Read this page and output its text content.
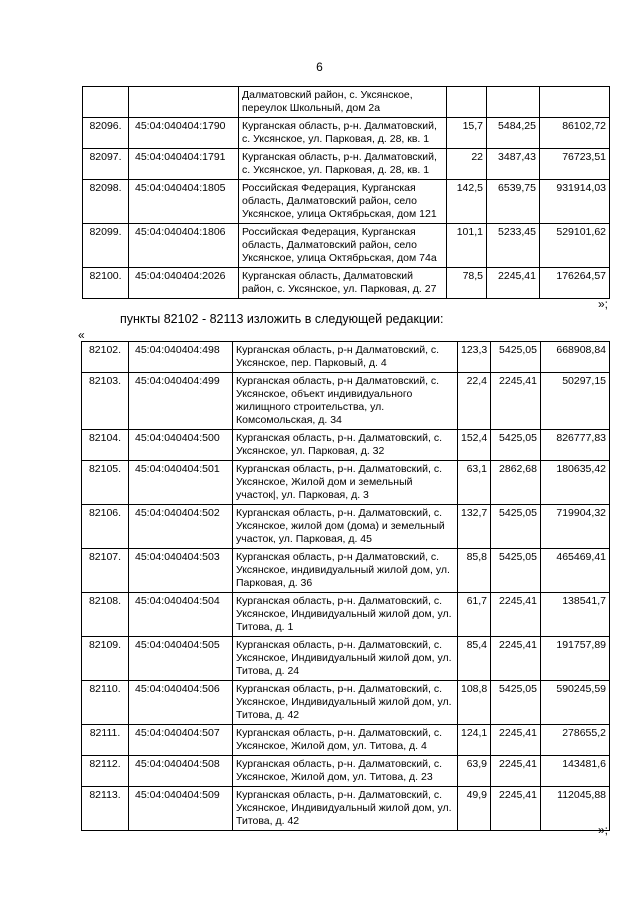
6
		Далматовский район, с. Уксянское, переулок Школьный, дом 2а			
82096.	45:04:040404:1790	Курганская область, р-н. Далматовский, с. Уксянское, ул. Парковая, д. 28, кв. 1	15,7	5484,25	86102,72
82097.	45:04:040404:1791	Курганская область, р-н. Далматовский, с. Уксянское, ул. Парковая, д. 28, кв. 1	22	3487,43	76723,51
82098.	45:04:040404:1805	Российская Федерация, Курганская область, Далматовский район, село Уксянское, улица Октябрьская, дом 121	142,5	6539,75	931914,03
82099.	45:04:040404:1806	Российская Федерация, Курганская область, Далматовский район, село Уксянское, улица Октябрьская, дом 74а	101,1	5233,45	529101,62
82100.	45:04:040404:2026	Курганская область, Далматовский район, с. Уксянское, ул. Парковая, д. 27	78,5	2245,41	176264,57
»;
пункты 82102 - 82113 изложить в следующей редакции:
«
82102.	45:04:040404:498	Курганская область, р-н Далматовский, с. Уксянское, пер. Парковый, д. 4	123,3	5425,05	668908,84
82103.	45:04:040404:499	Курганская область, р-н Далматовский, с. Уксянское, объект индивидуального жилищного строительства, ул. Комсомольская, д. 34	22,4	2245,41	50297,15
82104.	45:04:040404:500	Курганская область, р-н. Далматовский, с. Уксянское, ул. Парковая, д. 32	152,4	5425,05	826777,83
82105.	45:04:040404:501	Курганская область, р-н. Далматовский, с. Уксянское, Жилой дом и земельный участок|, ул. Парковая, д. 3	63,1	2862,68	180635,42
82106.	45:04:040404:502	Курганская область, р-н. Далматовский, с. Уксянское, жилой дом (дома) и земельный участок, ул. Парковая, д. 45	132,7	5425,05	719904,32
82107.	45:04:040404:503	Курганская область, р-н Далматовский, с. Уксянское, индивидуальный жилой дом, ул. Парковая, д. 36	85,8	5425,05	465469,41
82108.	45:04:040404:504	Курганская область, р-н. Далматовский, с. Уксянское, Индивидуальный жилой дом, ул. Титова, д. 1	61,7	2245,41	138541,7
82109.	45:04:040404:505	Курганская область, р-н. Далматовский, с. Уксянское, Индивидуальный жилой дом, ул. Титова, д. 24	85,4	2245,41	191757,89
82110.	45:04:040404:506	Курганская область, р-н. Далматовский, с. Уксянское, Индивидуальный жилой дом, ул. Титова, д. 42	108,8	5425,05	590245,59
82111.	45:04:040404:507	Курганская область, р-н. Далматовский, с. Уксянское, Жилой дом, ул. Титова, д. 4	124,1	2245,41	278655,2
82112.	45:04:040404:508	Курганская область, р-н. Далматовский, с. Уксянское, Жилой дом, ул. Титова, д. 23	63,9	2245,41	143481,6
82113.	45:04:040404:509	Курганская область, р-н. Далматовский, с. Уксянское, Индивидуальный жилой дом, ул. Титова, д. 42	49,9	2245,41	112045,88
»;
